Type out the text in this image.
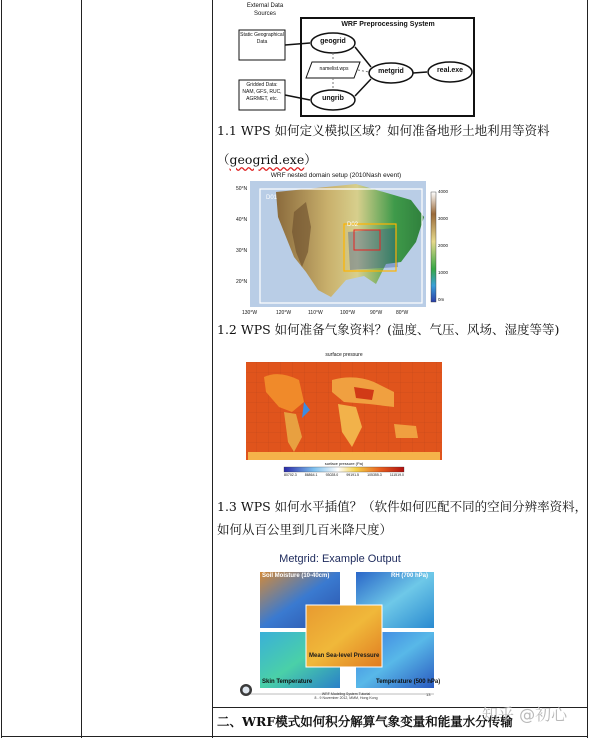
External Data Sources
WRF Preprocessing System
Static Geographical Data
Gridded Data: NAM, GFS, RUC, AGRMET, etc.
geogrid
ungrib
metgrid	real.exe
namelist.wps
1.1 WPS 如何定义模拟区域？如何准备地形土地利用等资料
（geogrid.exe）
WRF nested domain setup (2010Nash event)
D01
D02
50°N
40°N
30°N
20°N
130°W	120°W	110°W	100°W	90°W	80°W
4000
3000
2000
1000
0m
1.2 WPS 如何准备气象资料？(温度、气压、风场、湿度等等)
surface pressure
surface pressure (Pa)
80702.3 86864.1 93028.0 99191.5 105355.3 111519.0
1.3 WPS 如何水平插值？（软件如何匹配不同的空间分辨率资料，
如何从百公里到几百米降尺度）
Metgrid: Example Output
Soil Moisture (10-40cm)	RH (700 hPa)
Mean Sea-level Pressure
Skin Temperature	Temperature (500 hPa)
WRF Modeling System Tutorial
8 - 9 November 2012, MMM, Hong Kong
13
二、WRF模式如何积分解算气象变量和能量水分传输
知乎 @初心
